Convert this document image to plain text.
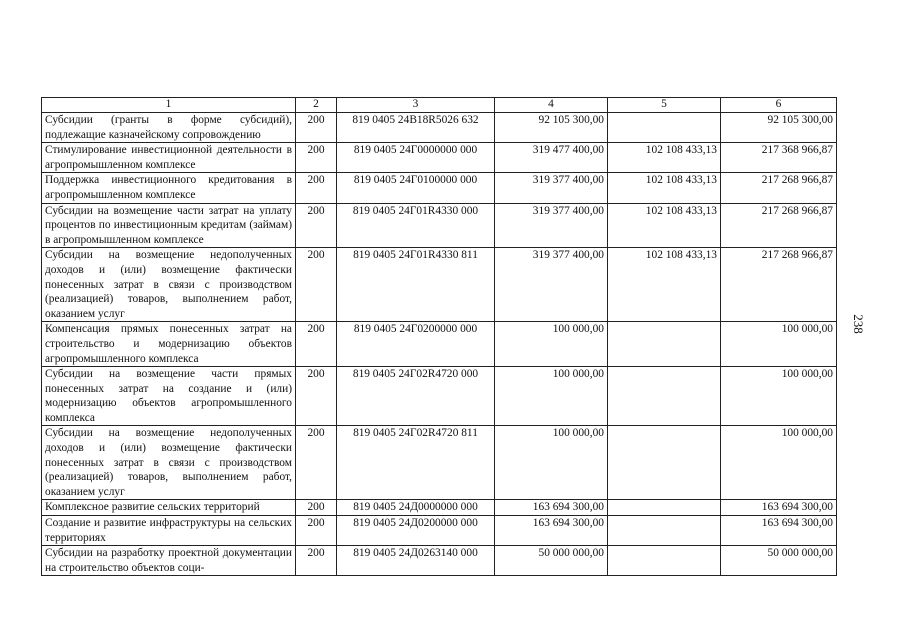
1	2	3	4	5	6
Субсидии (гранты в форме субсидий), подлежащие казначейскому сопровождению	200	819 0405 24В18R5026 632	92 105 300,00		92 105 300,00
Стимулирование инвестиционной деятельности в агропромышленном комплексе	200	819 0405 24Г0000000 000	319 477 400,00	102 108 433,13	217 368 966,87
Поддержка инвестиционного кредитования в агропромышленном комплексе	200	819 0405 24Г0100000 000	319 377 400,00	102 108 433,13	217 268 966,87
Субсидии на возмещение части затрат на уплату процентов по инвестиционным кредитам (займам) в агропромышленном комплексе	200	819 0405 24Г01R4330 000	319 377 400,00	102 108 433,13	217 268 966,87
Субсидии на возмещение недополученных доходов и (или) возмещение фактически понесенных затрат в связи с производством (реализацией) товаров, выполнением работ, оказанием услуг	200	819 0405 24Г01R4330 811	319 377 400,00	102 108 433,13	217 268 966,87
Компенсация прямых понесенных затрат на строительство и модернизацию объектов агропромышленного комплекса	200	819 0405 24Г0200000 000	100 000,00		100 000,00
Субсидии на возмещение части прямых понесенных затрат на создание и (или) модернизацию объектов агропромышленного комплекса	200	819 0405 24Г02R4720 000	100 000,00		100 000,00
Субсидии на возмещение недополученных доходов и (или) возмещение фактически понесенных затрат в связи с производством (реализацией) товаров, выполнением работ, оказанием услуг	200	819 0405 24Г02R4720 811	100 000,00		100 000,00
Комплексное развитие сельских территорий	200	819 0405 24Д0000000 000	163 694 300,00		163 694 300,00
Создание и развитие инфраструктуры на сельских территориях	200	819 0405 24Д0200000 000	163 694 300,00		163 694 300,00
Субсидии на разработку проектной документации на строительство объектов соци-	200	819 0405 24Д0263140 000	50 000 000,00		50 000 000,00
238
